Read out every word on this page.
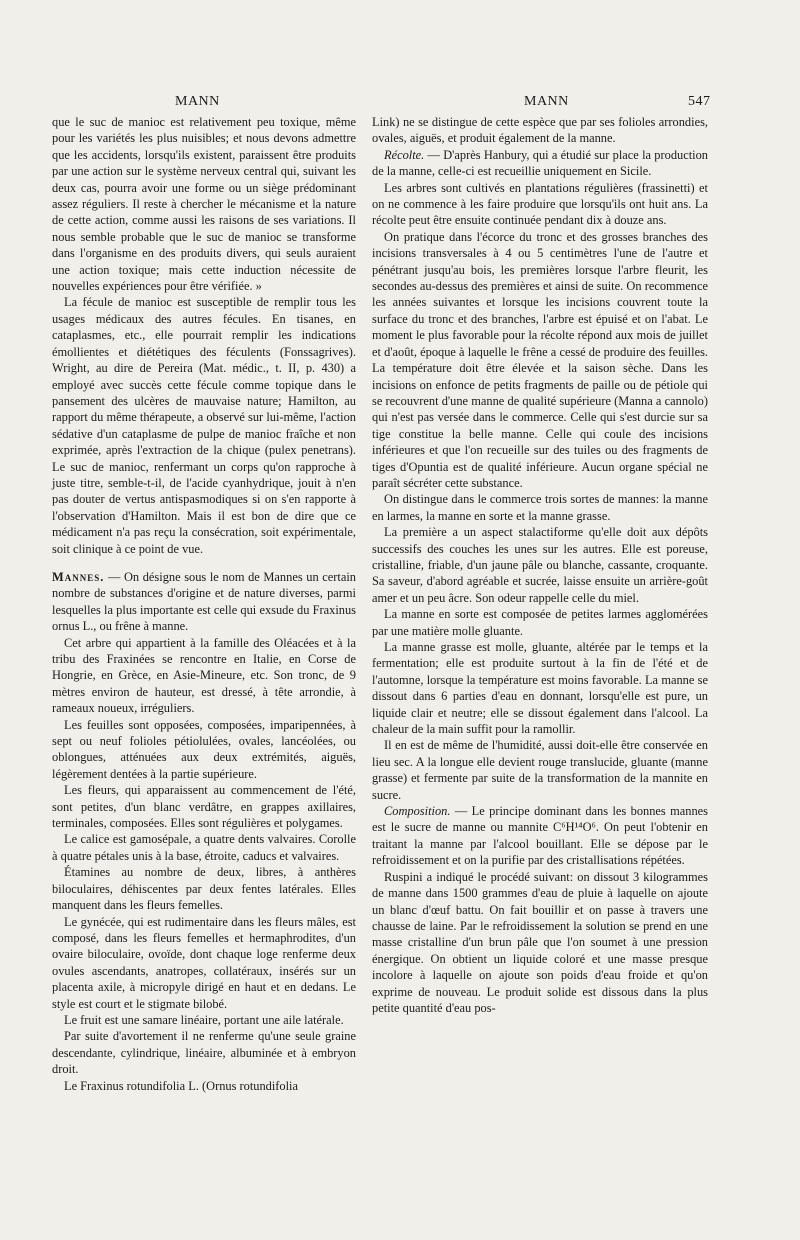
MANN	MANN	547

que le suc de manioc est relativement peu toxique, même pour les variétés les plus nuisibles; et nous devons admettre que les accidents, lorsqu'ils existent, paraissent être produits par une action sur le système nerveux central qui, suivant les deux cas, pourra avoir une forme ou un siège prédominant assez réguliers. Il reste à chercher le mécanisme et la nature de cette action, comme aussi les raisons de ses variations. Il nous semble probable que le suc de manioc se transforme dans l'organisme en des produits divers, qui seuls auraient une action toxique; mais cette induction nécessite de nouvelles expériences pour être vérifiée. »

La fécule de manioc est susceptible de remplir tous les usages médicaux des autres fécules. En tisanes, en cataplasmes, etc., elle pourrait remplir les indications émollientes et diététiques des féculents (Fonssagrives). Wright, au dire de Pereira (Mat. médic., t. II, p. 430) a employé avec succès cette fécule comme topique dans le pansement des ulcères de mauvaise nature; Hamilton, au rapport du même thérapeute, a observé sur lui-même, l'action sédative d'un cataplasme de pulpe de manioc fraîche et non exprimée, après l'extraction de la chique (pulex penetrans). Le suc de manioc, renfermant un corps qu'on rapproche à juste titre, semble-t-il, de l'acide cyanhydrique, jouit à n'en pas douter de vertus antispasmodiques si on s'en rapporte à l'observation d'Hamilton. Mais il est bon de dire que ce médicament n'a pas reçu la consécration, soit expérimentale, soit clinique à ce point de vue.

Mannes. — On désigne sous le nom de Mannes un certain nombre de substances d'origine et de nature diverses, parmi lesquelles la plus importante est celle qui exsude du Fraxinus ornus L., ou frêne à manne.

Cet arbre qui appartient à la famille des Oléacées et à la tribu des Fraxinées se rencontre en Italie, en Corse de Hongrie, en Grèce, en Asie-Mineure, etc. Son tronc, de 9 mètres environ de hauteur, est dressé, à tête arrondie, à rameaux noueux, irréguliers.

Les feuilles sont opposées, composées, imparipennées, à sept ou neuf folioles pétiolulées, ovales, lancéolées, ou oblongues, atténuées aux deux extrémités, aiguës, légèrement dentées à la partie supérieure.

Les fleurs, qui apparaissent au commencement de l'été, sont petites, d'un blanc verdâtre, en grappes axillaires, terminales, composées. Elles sont régulières et polygames.

Le calice est gamosépale, a quatre dents valvaires. Corolle à quatre pétales unis à la base, étroite, caducs et valvaires.

Étamines au nombre de deux, libres, à anthères biloculaires, déhiscentes par deux fentes latérales. Elles manquent dans les fleurs femelles.

Le gynécée, qui est rudimentaire dans les fleurs mâles, est composé, dans les fleurs femelles et hermaphrodites, d'un ovaire biloculaire, ovoïde, dont chaque loge renferme deux ovules ascendants, anatropes, collatéraux, insérés sur un placenta axile, à micropyle dirigé en haut et en dedans. Le style est court et le stigmate bilobé.

Le fruit est une samare linéaire, portant une aile latérale.

Par suite d'avortement il ne renferme qu'une seule graine descendante, cylindrique, linéaire, albuminée et à embryon droit.

Le Fraxinus rotundifolia L. (Ornus rotundifolia

Link) ne se distingue de cette espèce que par ses folioles arrondies, ovales, aiguës, et produit également de la manne.

Récolte. — D'après Hanbury, qui a étudié sur place la production de la manne, celle-ci est recueillie uniquement en Sicile.

Les arbres sont cultivés en plantations régulières (frassinetti) et on ne commence à les faire produire que lorsqu'ils ont huit ans. La récolte peut être ensuite continuée pendant dix à douze ans.

On pratique dans l'écorce du tronc et des grosses branches des incisions transversales à 4 ou 5 centimètres l'une de l'autre et pénétrant jusqu'au bois, les premières lorsque l'arbre fleurit, les secondes au-dessus des premières et ainsi de suite. On recommence les années suivantes et lorsque les incisions couvrent toute la surface du tronc et des branches, l'arbre est épuisé et on l'abat. Le moment le plus favorable pour la récolte répond aux mois de juillet et d'août, époque à laquelle le frêne a cessé de produire des feuilles. La température doit être élevée et la saison sèche. Dans les incisions on enfonce de petits fragments de paille ou de pétiole qui se recouvrent d'une manne de qualité supérieure (Manna a cannolo) qui n'est pas versée dans le commerce. Celle qui s'est durcie sur sa tige constitue la belle manne. Celle qui coule des incisions inférieures et que l'on recueille sur des tuiles ou des fragments de tiges d'Opuntia est de qualité inférieure. Aucun organe spécial ne paraît sécréter cette substance.

On distingue dans le commerce trois sortes de mannes: la manne en larmes, la manne en sorte et la manne grasse.

La première a un aspect stalactiforme qu'elle doit aux dépôts successifs des couches les unes sur les autres. Elle est poreuse, cristalline, friable, d'un jaune pâle ou blanche, cassante, croquante. Sa saveur, d'abord agréable et sucrée, laisse ensuite un arrière-goût amer et un peu âcre. Son odeur rappelle celle du miel.

La manne en sorte est composée de petites larmes agglomérées par une matière molle gluante.

La manne grasse est molle, gluante, altérée par le temps et la fermentation; elle est produite surtout à la fin de l'été et de l'automne, lorsque la température est moins favorable. La manne se dissout dans 6 parties d'eau en donnant, lorsqu'elle est pure, un liquide clair et neutre; elle se dissout également dans l'alcool. La chaleur de la main suffit pour la ramollir.

Il en est de même de l'humidité, aussi doit-elle être conservée en lieu sec. A la longue elle devient rouge translucide, gluante (manne grasse) et fermente par suite de la transformation de la mannite en sucre.

Composition. — Le principe dominant dans les bonnes mannes est le sucre de manne ou mannite C⁶H¹⁴O⁶. On peut l'obtenir en traitant la manne par l'alcool bouillant. Elle se dépose par le refroidissement et on la purifie par des cristallisations répétées.

Ruspini a indiqué le procédé suivant: on dissout 3 kilogrammes de manne dans 1500 grammes d'eau de pluie à laquelle on ajoute un blanc d'œuf battu. On fait bouillir et on passe à travers une chausse de laine. Par le refroidissement la solution se prend en une masse cristalline d'un brun pâle que l'on soumet à une pression énergique. On obtient un liquide coloré et une masse presque incolore à laquelle on ajoute son poids d'eau froide et qu'on exprime de nouveau. Le produit solide est dissous dans la plus petite quantité d'eau pos-
